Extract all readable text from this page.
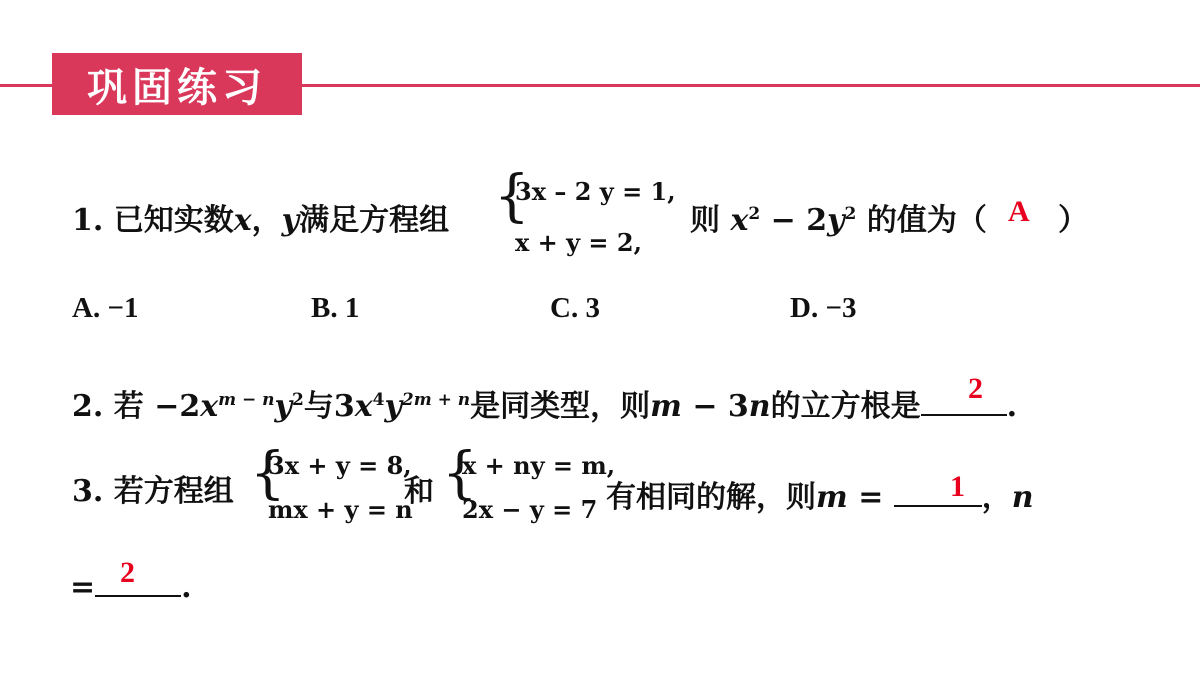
巩固练习
1. 已知实数x，y满足方程组 {
3x – 2 y = 1,
x + y = 2,
则 $x^2 - 2y^2$ 的值为（ ）
A
A. −1	B. 1	C. 3	D. −3
2. 若 $-2x^{m - n}y^2$与$3x^4y^{2m + n}$是同类型，则m − 3n的立方根是	.
2
3. 若方程组 {
3x + y = 8,
mx + y = n
和 {
x + ny = m,
2x − y = 7 有相同的解，则m =	，n
1
=	.
2
